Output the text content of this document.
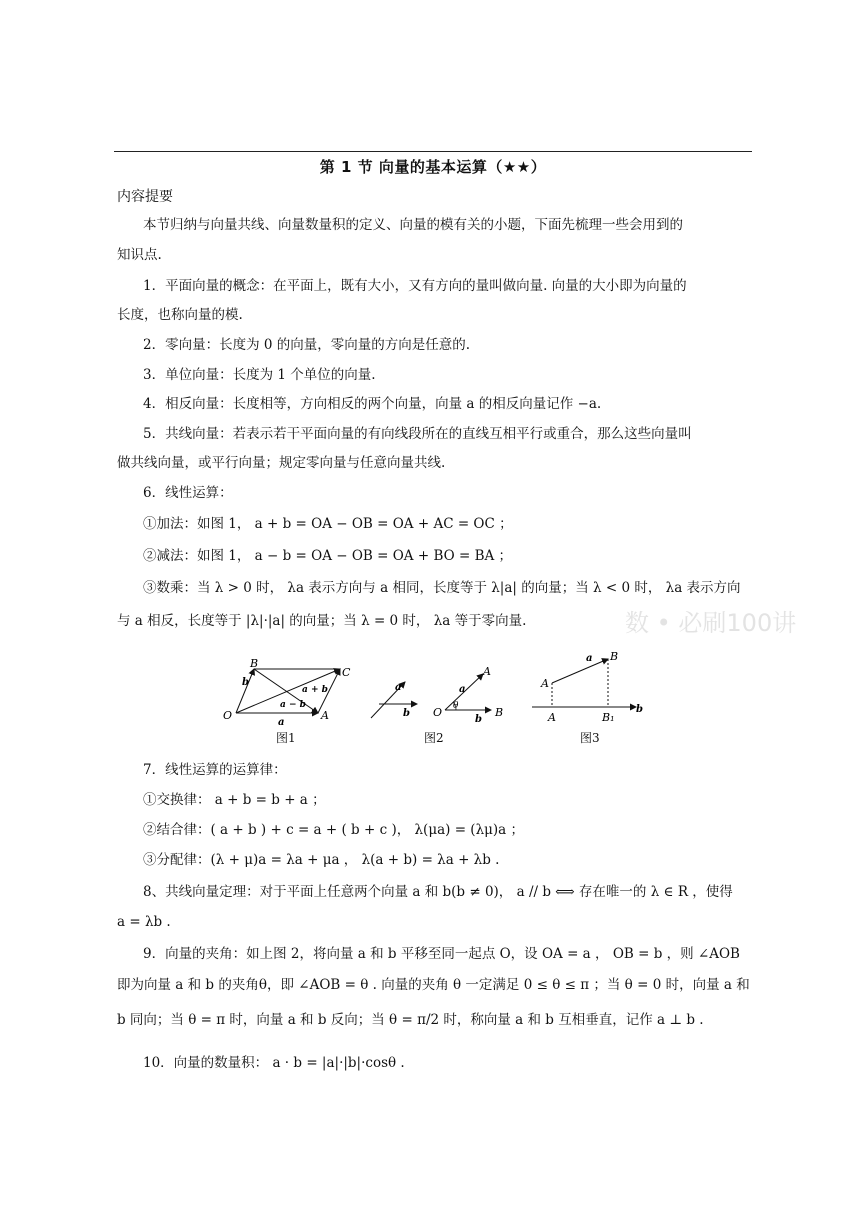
第 1 节 向量的基本运算（★★）
内容提要
本节归纳与向量共线、向量数量积的定义、向量的模有关的小题，下面先梳理一些会用到的
知识点.
1．平面向量的概念：在平面上，既有大小，又有方向的量叫做向量. 向量的大小即为向量的
长度，也称向量的模.
2．零向量：长度为 0 的向量，零向量的方向是任意的.
3．单位向量：长度为 1 个单位的向量.
4．相反向量：长度相等，方向相反的两个向量，向量 a 的相反向量记作 −a.
5．共线向量：若表示若干平面向量的有向线段所在的直线互相平行或重合，那么这些向量叫
做共线向量，或平行向量；规定零向量与任意向量共线.
6．线性运算：
①加法：如图 1， a + b = OA − OB = OA + AC = OC ；
②减法：如图 1， a − b = OA − OB = OA + BO = BA ；
③数乘：当 λ > 0 时， λa 表示方向与 a 相同，长度等于 λ|a| 的向量；当 λ < 0 时， λa 表示方向
与 a 相反，长度等于 |λ|·|a| 的向量；当 λ = 0 时， λa 等于零向量.	数 • 必刷100讲
B
C
O	A
a
b
a + b
a − b
图1
a
b
a
b
A
B
O θ
图2
a B
A
A	B₁
b
图3
7．线性运算的运算律：
①交换律： a + b = b + a ；
②结合律：( a + b ) + c = a + ( b + c )， λ(μa) = (λμ)a ；
③分配律：(λ + μ)a = λa + μa ， λ(a + b) = λa + λb .
8、共线向量定理：对于平面上任意两个向量 a 和 b(b ≠ 0)， a // b ⟺ 存在唯一的 λ ∈ R ，使得
a = λb .
9．向量的夹角：如上图 2，将向量 a 和 b 平移至同一起点 O，设 OA = a ， OB = b ，则 ∠AOB
即为向量 a 和 b 的夹角θ，即 ∠AOB = θ . 向量的夹角 θ 一定满足 0 ≤ θ ≤ π ；当 θ = 0 时，向量 a 和
b 同向；当 θ = π 时，向量 a 和 b 反向；当 θ = π/2 时，称向量 a 和 b 互相垂直，记作 a ⊥ b .
10．向量的数量积： a · b = |a|·|b|·cosθ .
